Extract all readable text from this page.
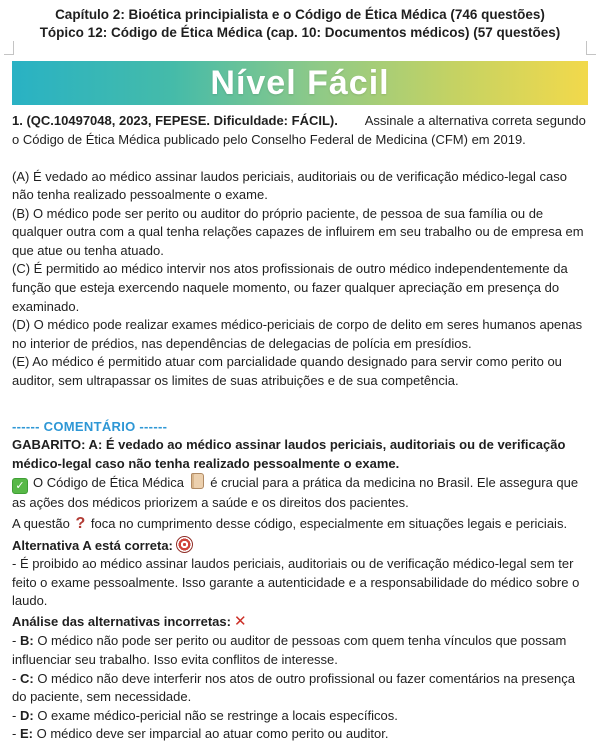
Capítulo 2: Bioética principialista e o Código de Ética Médica (746 questões)
Tópico 12: Código de Ética Médica (cap. 10: Documentos médicos) (57 questões)
Nível Fácil

1. (QC.10497048, 2023, FEPESE. Dificuldade: FÁCIL). Assinale a alternativa correta segundo o Código de Ética Médica publicado pelo Conselho Federal de Medicina (CFM) em 2019.

(A) É vedado ao médico assinar laudos periciais, auditoriais ou de verificação médico-legal caso não tenha realizado pessoalmente o exame.

(B) O médico pode ser perito ou auditor do próprio paciente, de pessoa de sua família ou de qualquer outra com a qual tenha relações capazes de influirem em seu trabalho ou de empresa em que atue ou tenha atuado.

(C) É permitido ao médico intervir nos atos profissionais de outro médico independentemente da função que esteja exercendo naquele momento, ou fazer qualquer apreciação em presença do examinado.

(D) O médico pode realizar exames médico-periciais de corpo de delito em seres humanos apenas no interior de prédios, nas dependências de delegacias de polícia em presídios.

(E) Ao médico é permitido atuar com parcialidade quando designado para servir como perito ou auditor, sem ultrapassar os limites de suas atribuições e de sua competência.

------ COMENTÁRIO ------

GABARITO: A: É vedado ao médico assinar laudos periciais, auditoriais ou de verificação médico-legal caso não tenha realizado pessoalmente o exame.

✓ O Código de Ética Médica é crucial para a prática da medicina no Brasil. Ele assegura que as ações dos médicos priorizem a saúde e os direitos dos pacientes.

A questão ? foca no cumprimento desse código, especialmente em situações legais e periciais.

Alternativa A está correta:

- É proibido ao médico assinar laudos periciais, auditoriais ou de verificação médico-legal sem ter feito o exame pessoalmente. Isso garante a autenticidade e a responsabilidade do médico sobre o laudo.

Análise das alternativas incorretas: ✕

- B: O médico não pode ser perito ou auditor de pessoas com quem tenha vínculos que possam influenciar seu trabalho. Isso evita conflitos de interesse.

- C: O médico não deve interferir nos atos de outro profissional ou fazer comentários na presença do paciente, sem necessidade.

- D: O exame médico-pericial não se restringe a locais específicos.

- E: O médico deve ser imparcial ao atuar como perito ou auditor.
